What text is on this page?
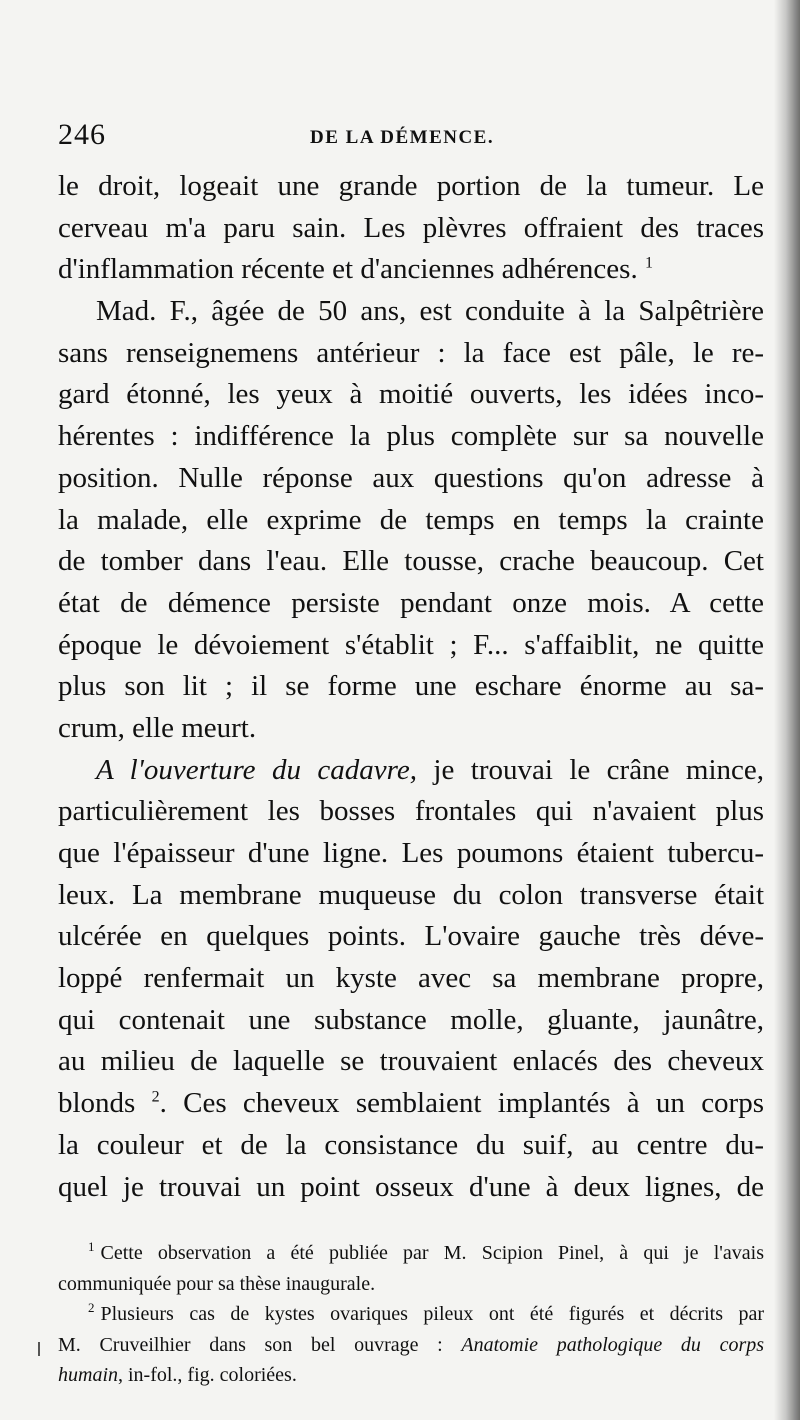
246	DE LA DÉMENCE.
le droit, logeait une grande portion de la tumeur. Le
cerveau m'a paru sain. Les plèvres offraient des traces
d'inflammation récente et d'anciennes adhérences. $^1$
Mad. F., âgée de 50 ans, est conduite à la Salpêtrière
sans renseignemens antérieur : la face est pâle, le re-
gard étonné, les yeux à moitié ouverts, les idées inco-
hérentes : indifférence la plus complète sur sa nouvelle
position. Nulle réponse aux questions qu'on adresse à
la malade, elle exprime de temps en temps la crainte
de tomber dans l'eau. Elle tousse, crache beaucoup. Cet
état de démence persiste pendant onze mois. A cette
époque le dévoiement s'établit ; F... s'affaiblit, ne quitte
plus son lit ; il se forme une eschare énorme au sa-
crum, elle meurt.
A l'ouverture du cadavre, je trouvai le crâne mince,
particulièrement les bosses frontales qui n'avaient plus
que l'épaisseur d'une ligne. Les poumons étaient tubercu-
leux. La membrane muqueuse du colon transverse était
ulcérée en quelques points. L'ovaire gauche très déve-
loppé renfermait un kyste avec sa membrane propre,
qui contenait une substance molle, gluante, jaunâtre,
au milieu de laquelle se trouvaient enlacés des cheveux
blonds $^2$. Ces cheveux semblaient implantés à un corps
la couleur et de la consistance du suif, au centre du-
quel je trouvai un point osseux d'une à deux lignes, de
$^1$ Cette observation a été publiée par M. Scipion Pinel, à qui je l'avais
communiquée pour sa thèse inaugurale.
$^2$ Plusieurs cas de kystes ovariques pileux ont été figurés et décrits par
M. Cruveilhier dans son bel ouvrage : Anatomie pathologique du corps
humain, in-fol., fig. coloriées.
